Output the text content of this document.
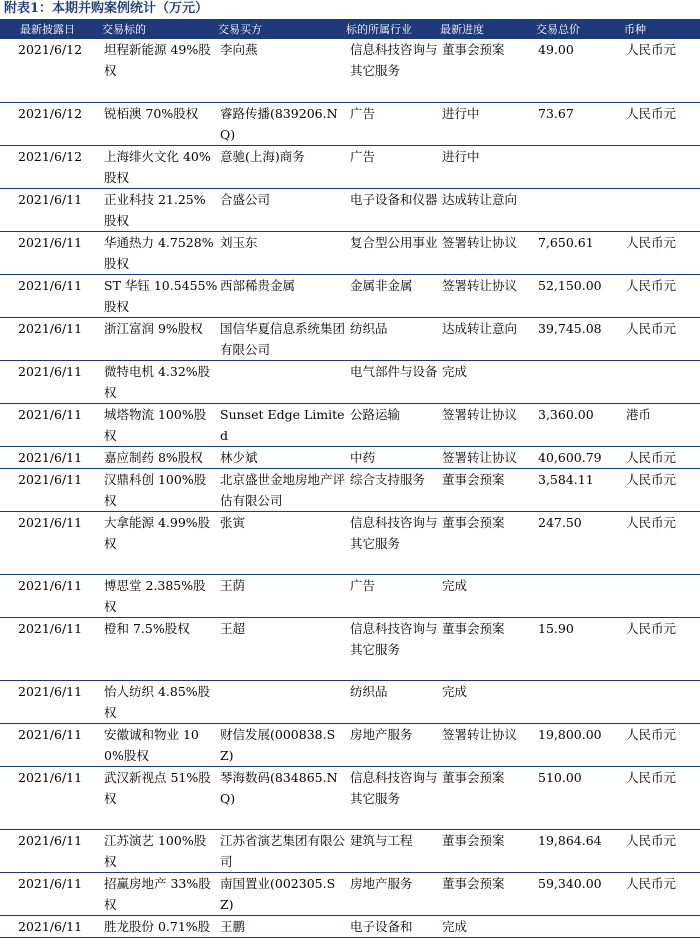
附表1：本期并购案例统计（万元）
最新披露日	交易标的	交易买方	标的所属行业	最新进度	交易总价	币种
2021/6/12	坦程新能源 49%股权	李向燕	信息科技咨询与其它服务	董事会预案	49.00	人民币元
2021/6/12	锐栢澳 70%股权	睿路传播(839206.NQ)	广告	进行中	73.67	人民币元
2021/6/12	上海绯火文化 40%股权	意驰(上海)商务	广告	进行中		
2021/6/11	正业科技 21.25%股权	合盛公司	电子设备和仪器	达成转让意向		
2021/6/11	华通热力 4.7528%股权	刘玉东	复合型公用事业	签署转让协议	7,650.61	人民币元
2021/6/11	ST 华钰 10.5455%股权	西部稀贵金属	金属非金属	签署转让协议	52,150.00	人民币元
2021/6/11	浙江富润 9%股权	国信华夏信息系统集团有限公司	纺织品	达成转让意向	39,745.08	人民币元
2021/6/11	微特电机 4.32%股权		电气部件与设备	完成		
2021/6/11	城塔物流 100%股权	Sunset Edge Limited	公路运输	签署转让协议	3,360.00	港币
2021/6/11	嘉应制药 8%股权	林少斌	中药	签署转让协议	40,600.79	人民币元
2021/6/11	汉鼎科创 100%股权	北京盛世金地房地产评估有限公司	综合支持服务	董事会预案	3,584.11	人民币元
2021/6/11	大拿能源 4.99%股权	张寅	信息科技咨询与其它服务	董事会预案	247.50	人民币元
2021/6/11	博思堂 2.385%股权	王荫	广告	完成		
2021/6/11	橙和 7.5%股权	王超	信息科技咨询与其它服务	董事会预案	15.90	人民币元
2021/6/11	怡人纺织 4.85%股权		纺织品	完成		
2021/6/11	安徽诚和物业 100%股权	财信发展(000838.SZ)	房地产服务	签署转让协议	19,800.00	人民币元
2021/6/11	武汉新视点 51%股权	琴海数码(834865.NQ)	信息科技咨询与其它服务	董事会预案	510.00	人民币元
2021/6/11	江苏演艺 100%股权	江苏省演艺集团有限公司	建筑与工程	董事会预案	19,864.64	人民币元
2021/6/11	招赢房地产 33%股权	南国置业(002305.SZ)	房地产服务	董事会预案	59,340.00	人民币元
2021/6/11	胜龙股份 0.71%股	王鹏	电子设备和	完成		
